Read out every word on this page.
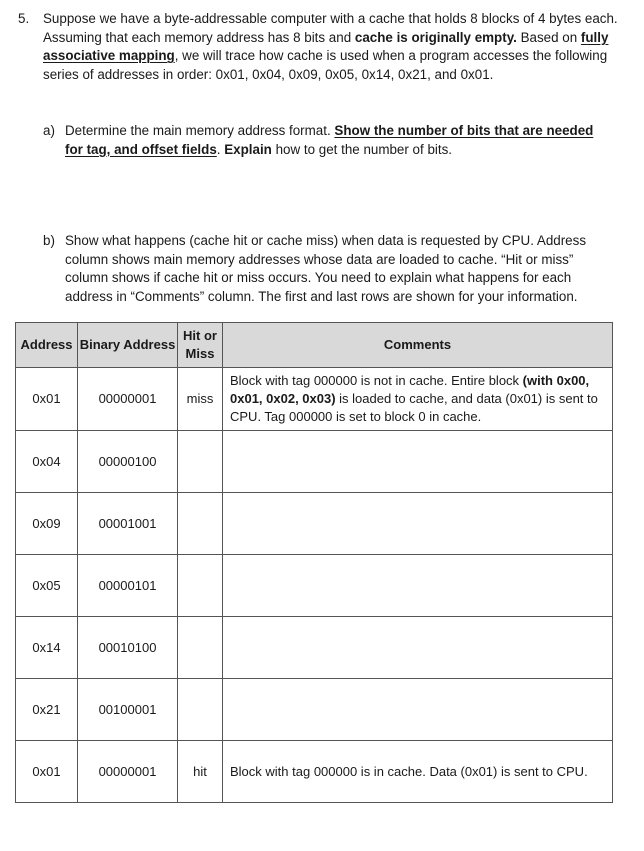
5. Suppose we have a byte-addressable computer with a cache that holds 8 blocks of 4 bytes each. Assuming that each memory address has 8 bits and cache is originally empty. Based on fully associative mapping, we will trace how cache is used when a program accesses the following series of addresses in order: 0x01, 0x04, 0x09, 0x05, 0x14, 0x21, and 0x01.
a) Determine the main memory address format. Show the number of bits that are needed for tag, and offset fields. Explain how to get the number of bits.
b) Show what happens (cache hit or cache miss) when data is requested by CPU. Address column shows main memory addresses whose data are loaded to cache. “Hit or miss” column shows if cache hit or miss occurs. You need to explain what happens for each address in “Comments” column. The first and last rows are shown for your information.
Address	Binary Address	Hit or Miss	Comments
0x01	00000001	miss	Block with tag 000000 is not in cache. Entire block (with 0x00, 0x01, 0x02, 0x03) is loaded to cache, and data (0x01) is sent to CPU. Tag 000000 is set to block 0 in cache.
0x04	00000100		
0x09	00001001		
0x05	00000101		
0x14	00010100		
0x21	00100001		
0x01	00000001	hit	Block with tag 000000 is in cache. Data (0x01) is sent to CPU.
